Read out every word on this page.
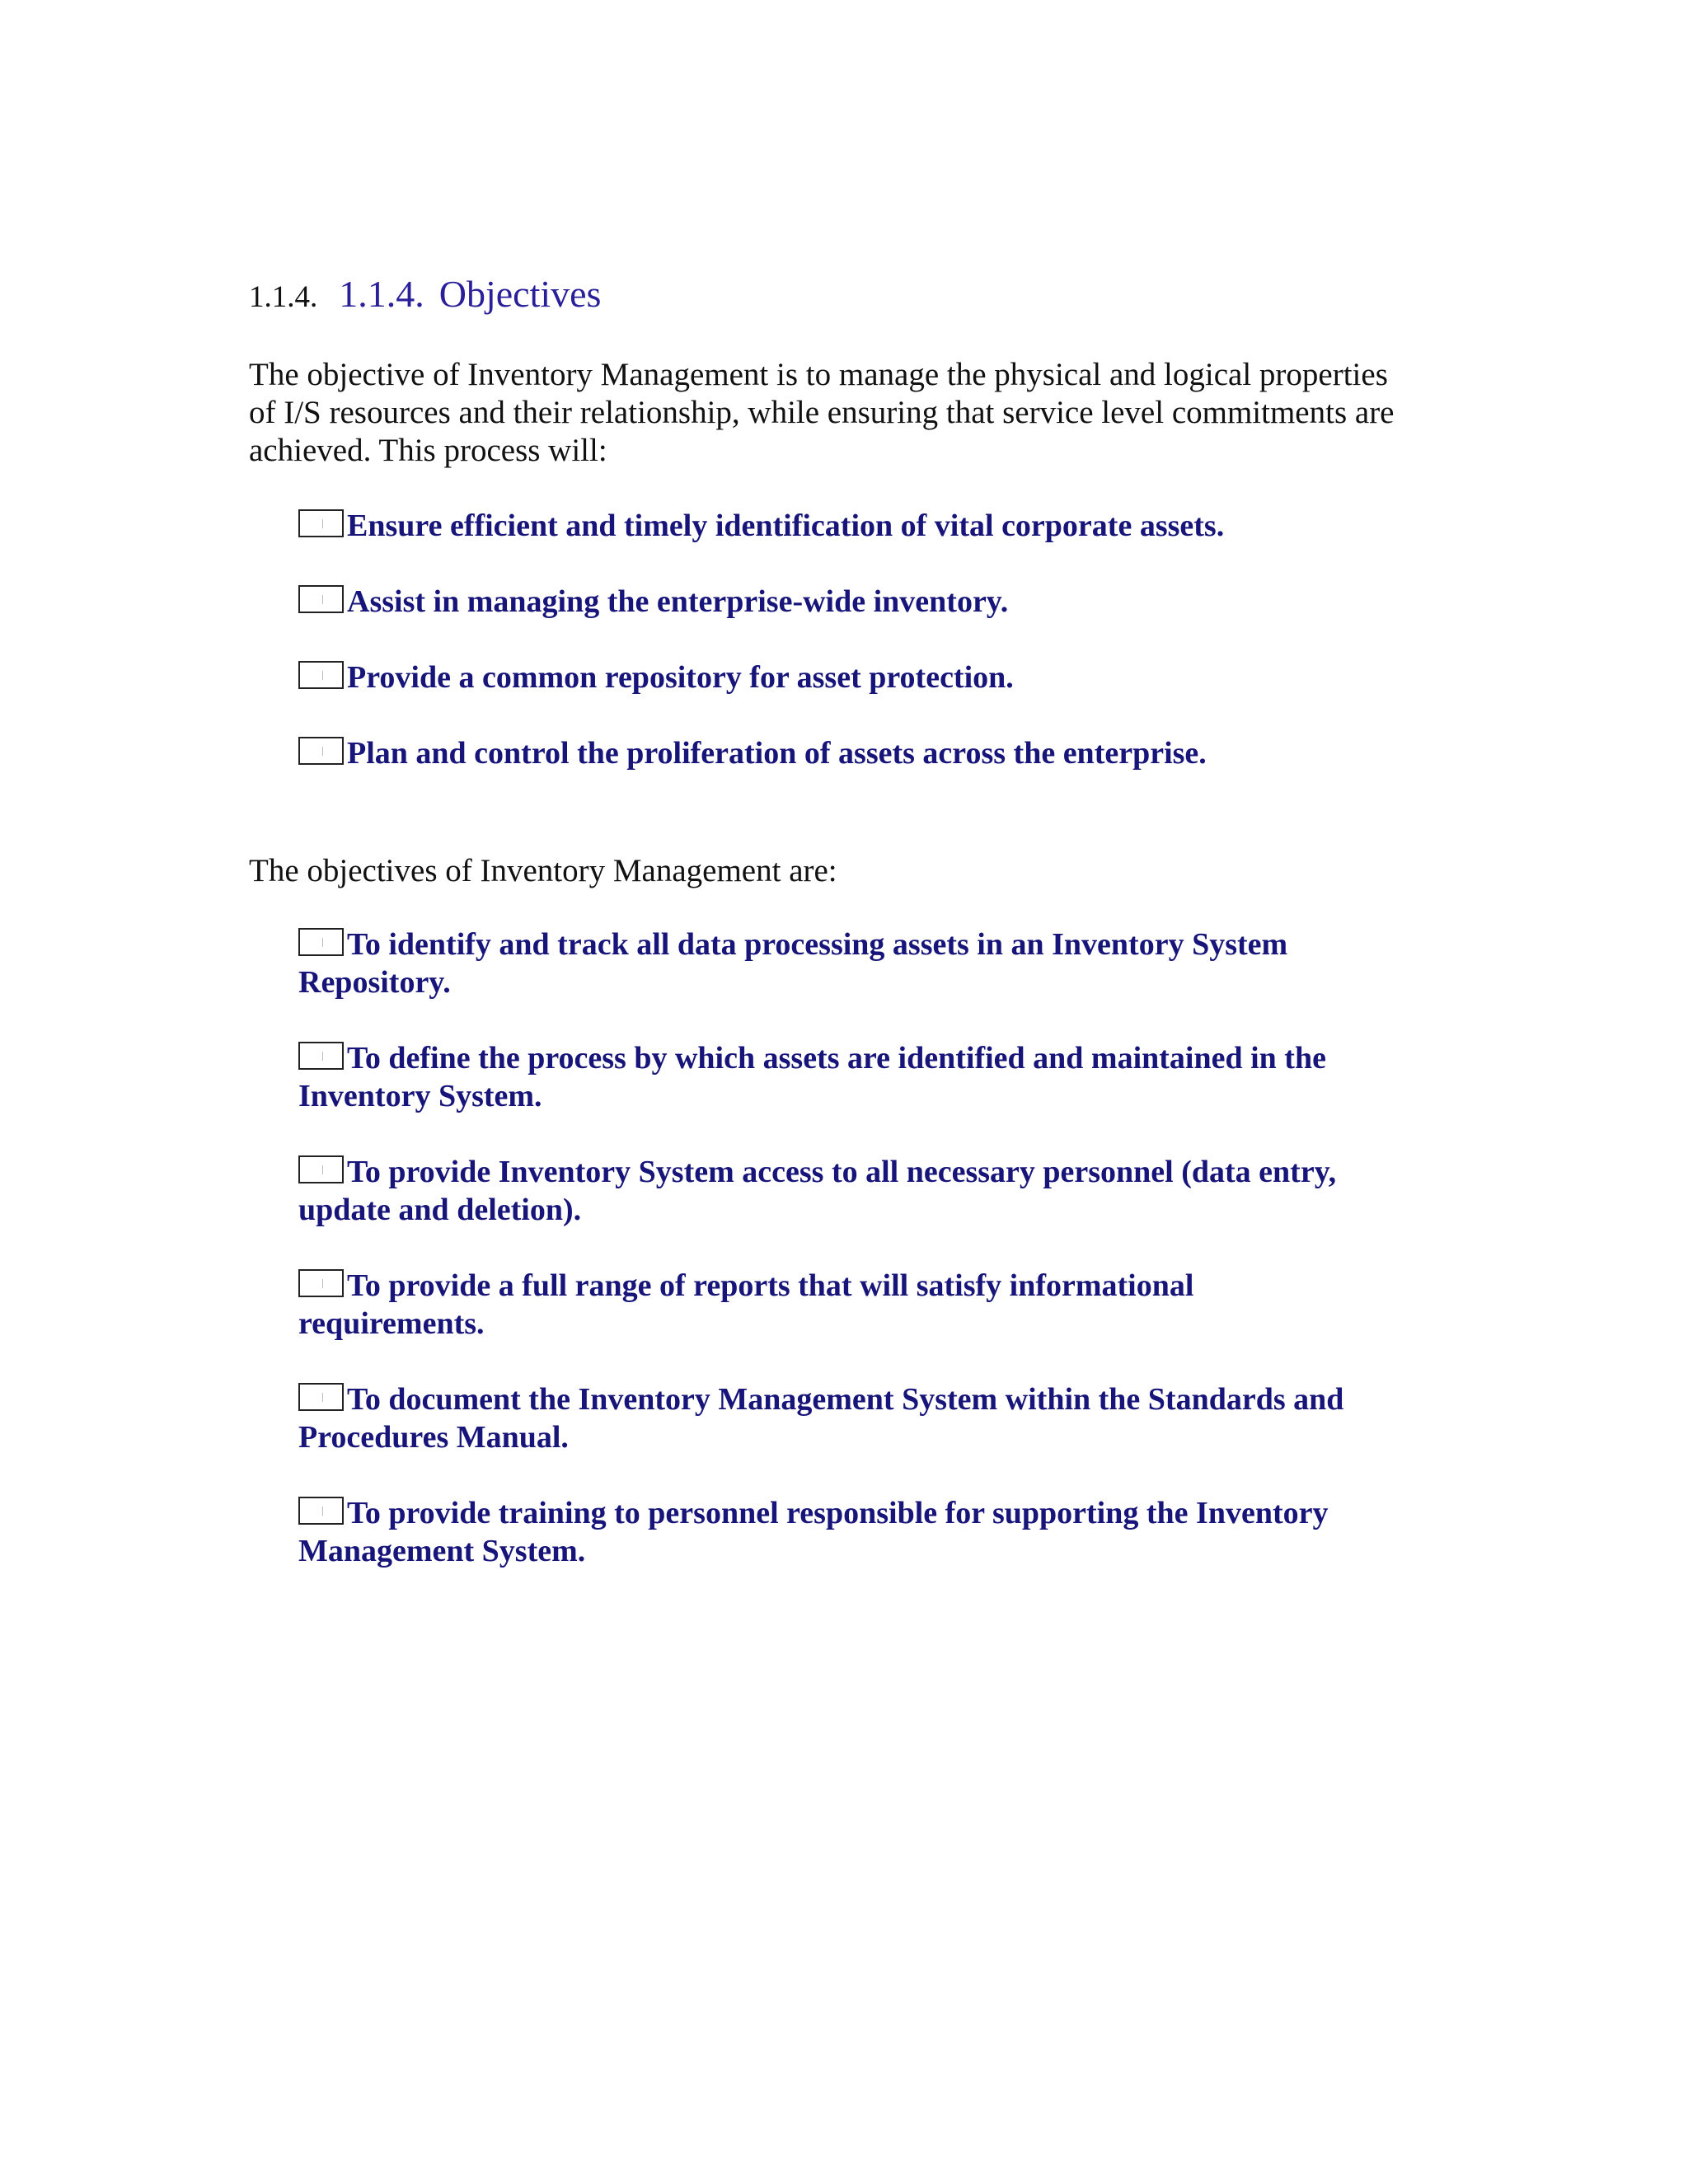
1.1.4. 1.1.4. Objectives
The objective of Inventory Management is to manage the physical and logical properties
of I/S resources and their relationship, while ensuring that service level commitments are
achieved. This process will:
Ensure efficient and timely identification of vital corporate assets.
Assist in managing the enterprise-wide inventory.
Provide a common repository for asset protection.
Plan and control the proliferation of assets across the enterprise.
The objectives of Inventory Management are:
To identify and track all data processing assets in an Inventory System
Repository.
To define the process by which assets are identified and maintained in the
Inventory System.
To provide Inventory System access to all necessary personnel (data entry,
update and deletion).
To provide a full range of reports that will satisfy informational
requirements.
To document the Inventory Management System within the Standards and
Procedures Manual.
To provide training to personnel responsible for supporting the Inventory
Management System.
